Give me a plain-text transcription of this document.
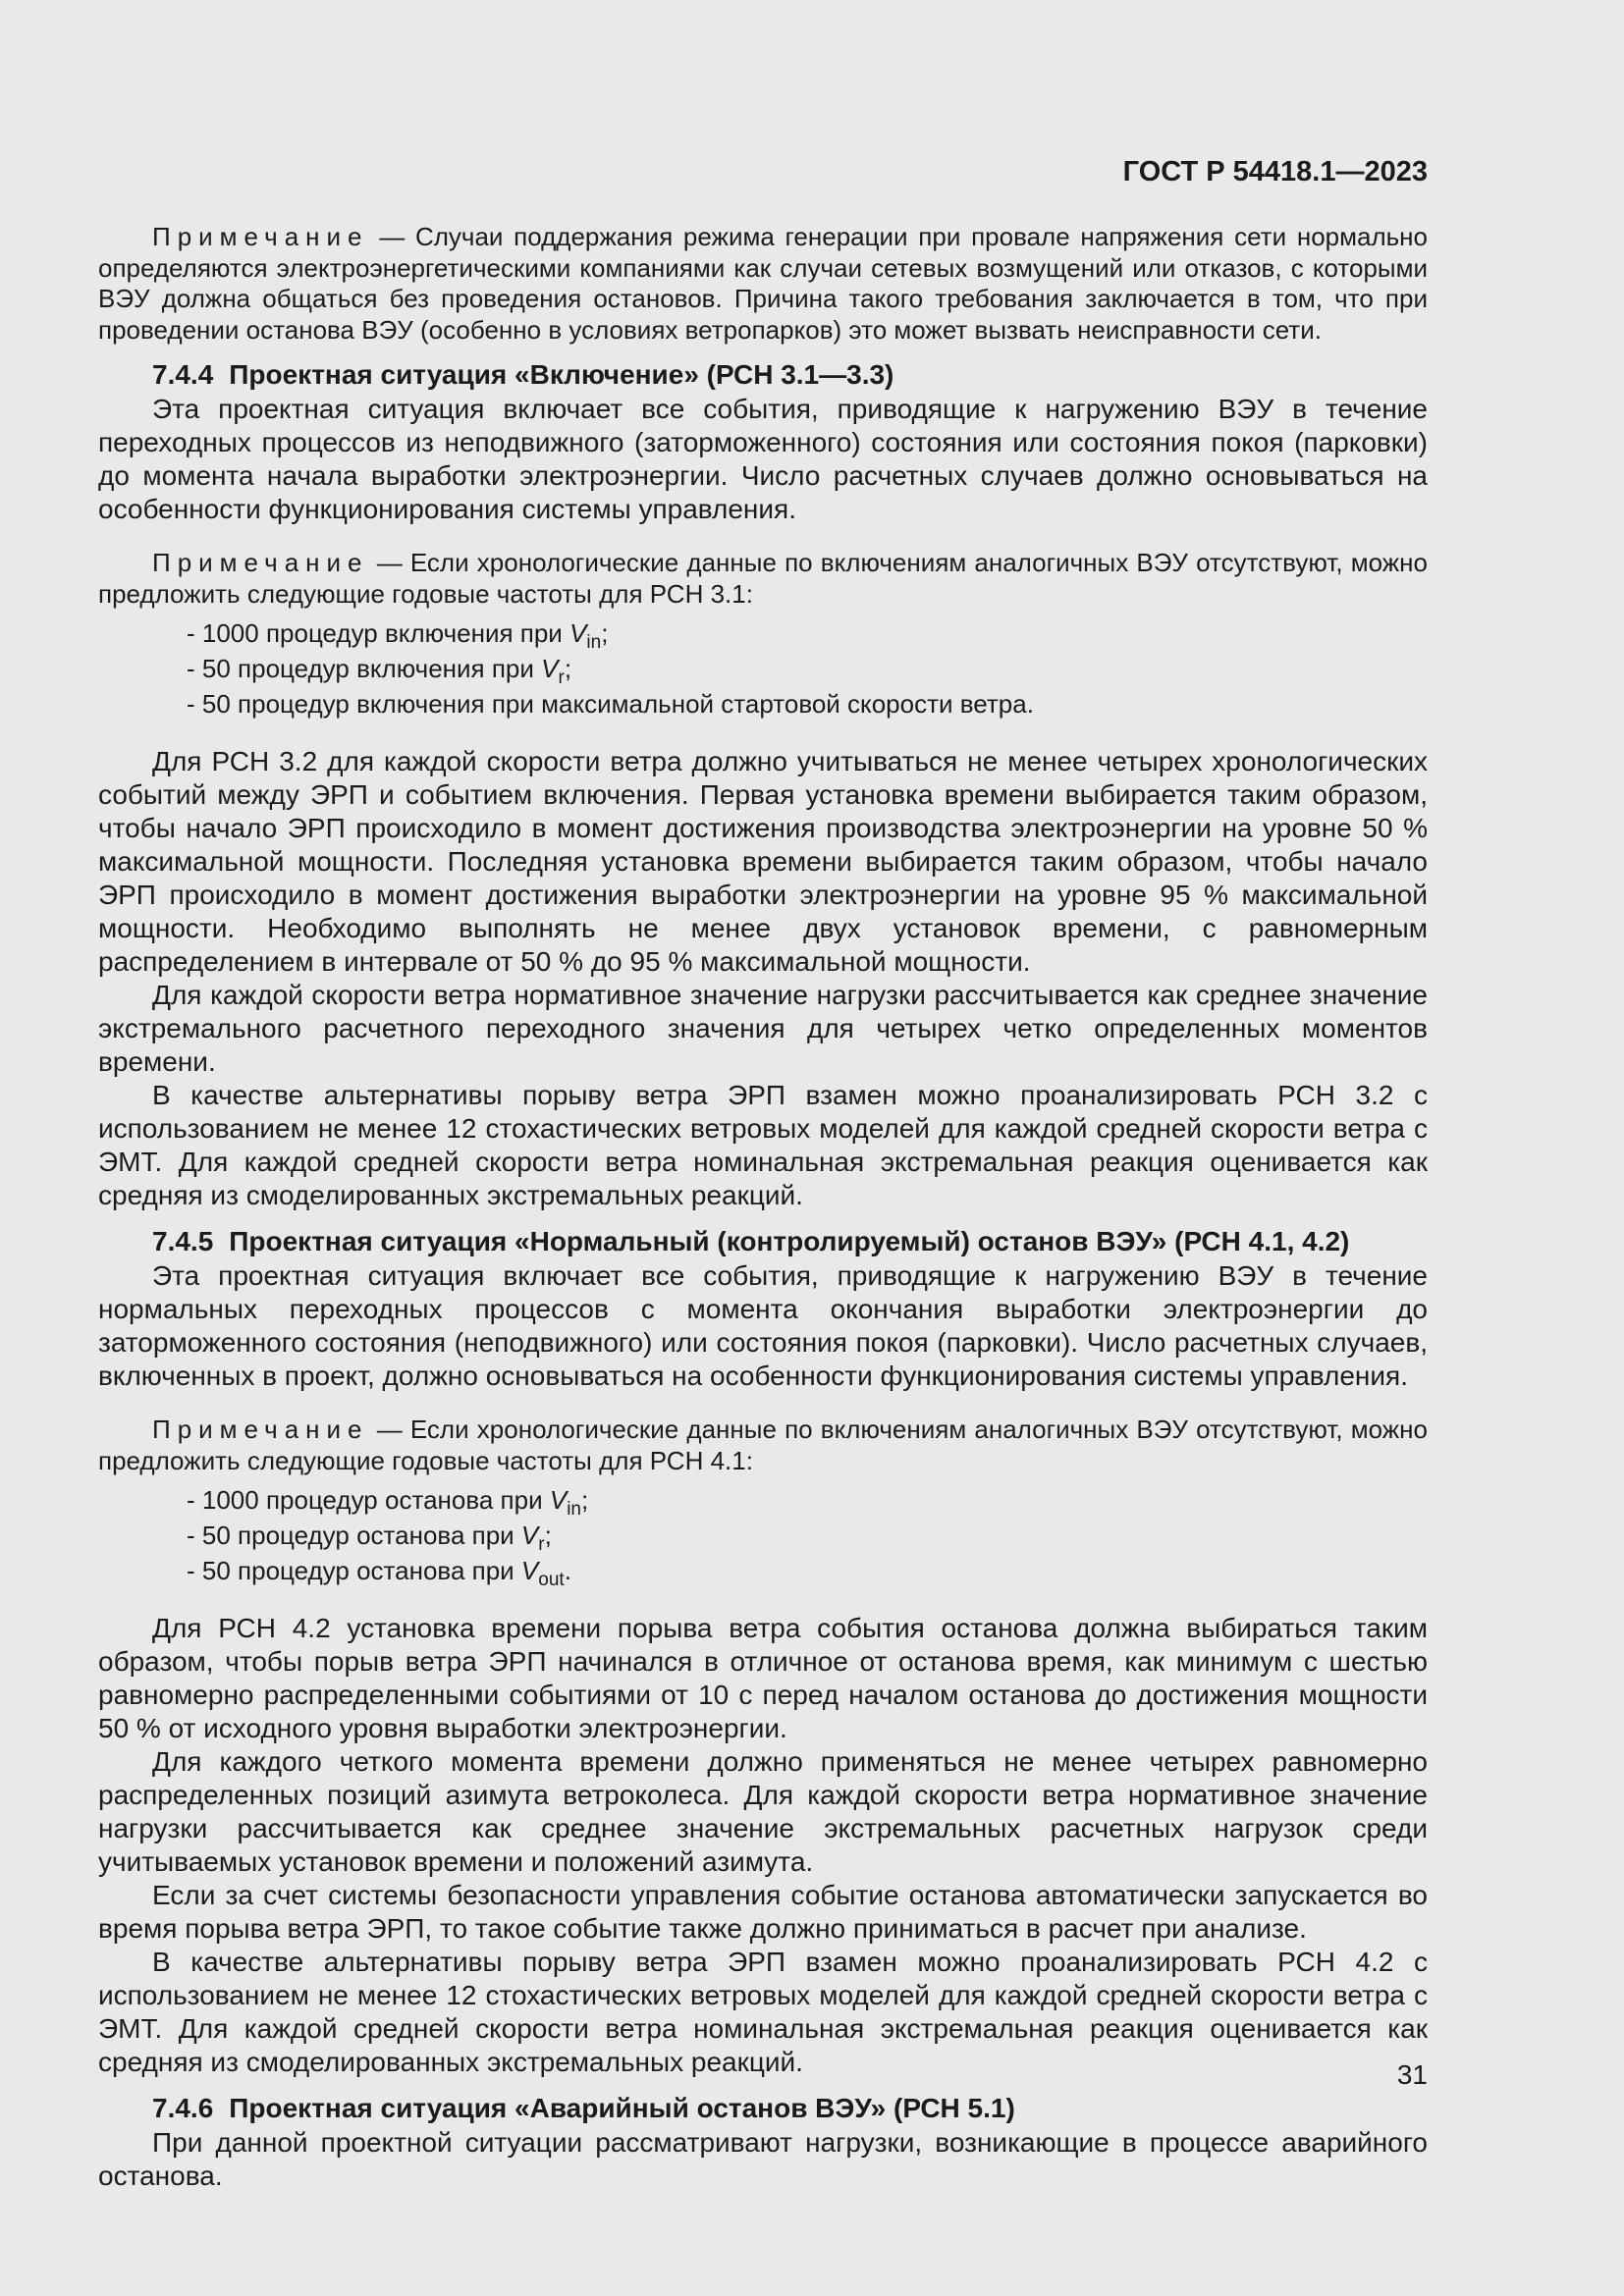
ГОСТ Р 54418.1—2023

Примечание — Случаи поддержания режима генерации при провале напряжения сети нормально определяются электроэнергетическими компаниями как случаи сетевых возмущений или отказов, с которыми ВЭУ должна общаться без проведения остановов. Причина такого требования заключается в том, что при проведении останова ВЭУ (особенно в условиях ветропарков) это может вызвать неисправности сети.

7.4.4 Проектная ситуация «Включение» (РСН 3.1—3.3)

Эта проектная ситуация включает все события, приводящие к нагружению ВЭУ в течение переходных процессов из неподвижного (заторможенного) состояния или состояния покоя (парковки) до момента начала выработки электроэнергии. Число расчетных случаев должно основываться на особенности функционирования системы управления.

Примечание — Если хронологические данные по включениям аналогичных ВЭУ отсутствуют, можно предложить следующие годовые частоты для РСН 3.1:

- 1000 процедур включения при $V_{in}$;
- 50 процедур включения при $V_r$;
- 50 процедур включения при максимальной стартовой скорости ветра.

Для РСН 3.2 для каждой скорости ветра должно учитываться не менее четырех хронологических событий между ЭРП и событием включения. Первая установка времени выбирается таким образом, чтобы начало ЭРП происходило в момент достижения производства электроэнергии на уровне 50 % максимальной мощности. Последняя установка времени выбирается таким образом, чтобы начало ЭРП происходило в момент достижения выработки электроэнергии на уровне 95 % максимальной мощности. Необходимо выполнять не менее двух установок времени, с равномерным распределением в интервале от 50 % до 95 % максимальной мощности.

Для каждой скорости ветра нормативное значение нагрузки рассчитывается как среднее значение экстремального расчетного переходного значения для четырех четко определенных моментов времени.

В качестве альтернативы порыву ветра ЭРП взамен можно проанализировать РСН 3.2 с использованием не менее 12 стохастических ветровых моделей для каждой средней скорости ветра с ЭМТ. Для каждой средней скорости ветра номинальная экстремальная реакция оценивается как средняя из смоделированных экстремальных реакций.

7.4.5 Проектная ситуация «Нормальный (контролируемый) останов ВЭУ» (РСН 4.1, 4.2)

Эта проектная ситуация включает все события, приводящие к нагружению ВЭУ в течение нормальных переходных процессов с момента окончания выработки электроэнергии до заторможенного состояния (неподвижного) или состояния покоя (парковки). Число расчетных случаев, включенных в проект, должно основываться на особенности функционирования системы управления.

Примечание — Если хронологические данные по включениям аналогичных ВЭУ отсутствуют, можно предложить следующие годовые частоты для РСН 4.1:

- 1000 процедур останова при $V_{in}$;
- 50 процедур останова при $V_r$;
- 50 процедур останова при $V_{out}$.

Для РСН 4.2 установка времени порыва ветра события останова должна выбираться таким образом, чтобы порыв ветра ЭРП начинался в отличное от останова время, как минимум с шестью равномерно распределенными событиями от 10 с перед началом останова до достижения мощности 50 % от исходного уровня выработки электроэнергии.

Для каждого четкого момента времени должно применяться не менее четырех равномерно распределенных позиций азимута ветроколеса. Для каждой скорости ветра нормативное значение нагрузки рассчитывается как среднее значение экстремальных расчетных нагрузок среди учитываемых установок времени и положений азимута.

Если за счет системы безопасности управления событие останова автоматически запускается во время порыва ветра ЭРП, то такое событие также должно приниматься в расчет при анализе.

В качестве альтернативы порыву ветра ЭРП взамен можно проанализировать РСН 4.2 с использованием не менее 12 стохастических ветровых моделей для каждой средней скорости ветра с ЭМТ. Для каждой средней скорости ветра номинальная экстремальная реакция оценивается как средняя из смоделированных экстремальных реакций.

7.4.6 Проектная ситуация «Аварийный останов ВЭУ» (РСН 5.1)

При данной проектной ситуации рассматривают нагрузки, возникающие в процессе аварийного останова.

31
